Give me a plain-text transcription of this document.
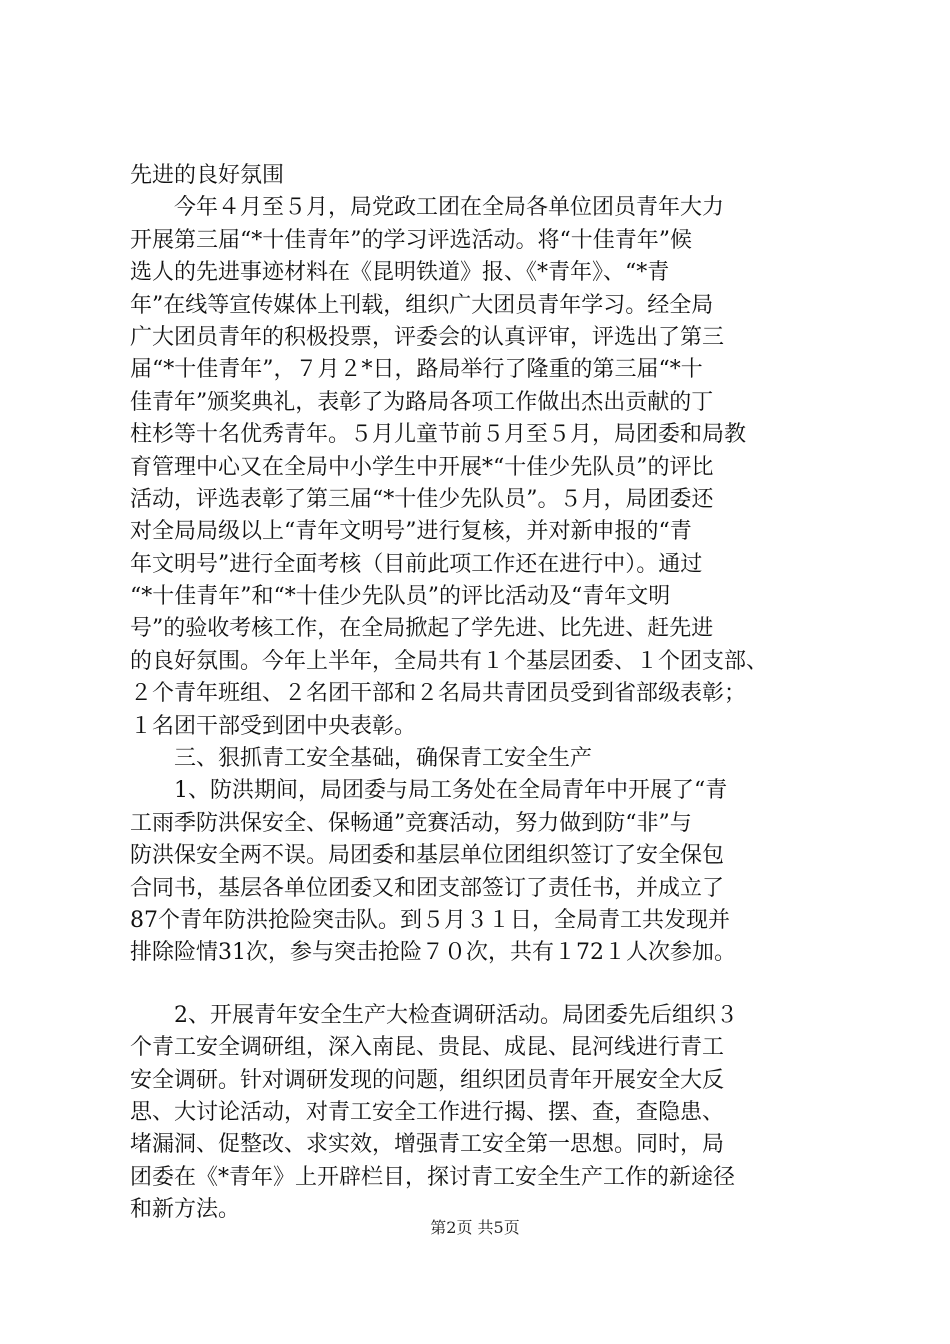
先进的良好氛围
　　今年４月至５月，局党政工团在全局各单位团员青年大力
开展第三届“*十佳青年”的学习评选活动。将“十佳青年”候
选人的先进事迹材料在《昆明铁道》报、《*青年》、“*青
年”在线等宣传媒体上刊载，组织广大团员青年学习。经全局
广大团员青年的积极投票，评委会的认真评审，评选出了第三
届“*十佳青年”，７月２*日，路局举行了隆重的第三届“*十
佳青年”颁奖典礼，表彰了为路局各项工作做出杰出贡献的丁
柱杉等十名优秀青年。５月儿童节前５月至５月，局团委和局教
育管理中心又在全局中小学生中开展*“十佳少先队员”的评比
活动，评选表彰了第三届“*十佳少先队员”。５月，局团委还
对全局局级以上“青年文明号”进行复核，并对新申报的“青
年文明号”进行全面考核（目前此项工作还在进行中）。通过
“*十佳青年”和“*十佳少先队员”的评比活动及“青年文明
号”的验收考核工作，在全局掀起了学先进、比先进、赶先进
的良好氛围。今年上半年，全局共有１个基层团委、１个团支部、
２个青年班组、２名团干部和２名局共青团员受到省部级表彰；
１名团干部受到团中央表彰。
　　三、狠抓青工安全基础，确保青工安全生产
　　1、防洪期间，局团委与局工务处在全局青年中开展了“青
工雨季防洪保安全、保畅通”竞赛活动，努力做到防“非”与
防洪保安全两不误。局团委和基层单位团组织签订了安全保包
合同书，基层各单位团委又和团支部签订了责任书，并成立了
87个青年防洪抢险突击队。到５月３１日，全局青工共发现并
排除险情31次，参与突击抢险７０次，共有１72１人次参加。
　　2、开展青年安全生产大检查调研活动。局团委先后组织３
个青工安全调研组，深入南昆、贵昆、成昆、昆河线进行青工
安全调研。针对调研发现的问题，组织团员青年开展安全大反
思、大讨论活动，对青工安全工作进行揭、摆、查，查隐患、
堵漏洞、促整改、求实效，增强青工安全第一思想。同时，局
团委在《*青年》上开辟栏目，探讨青工安全生产工作的新途径
和新方法。
第2页 共5页
